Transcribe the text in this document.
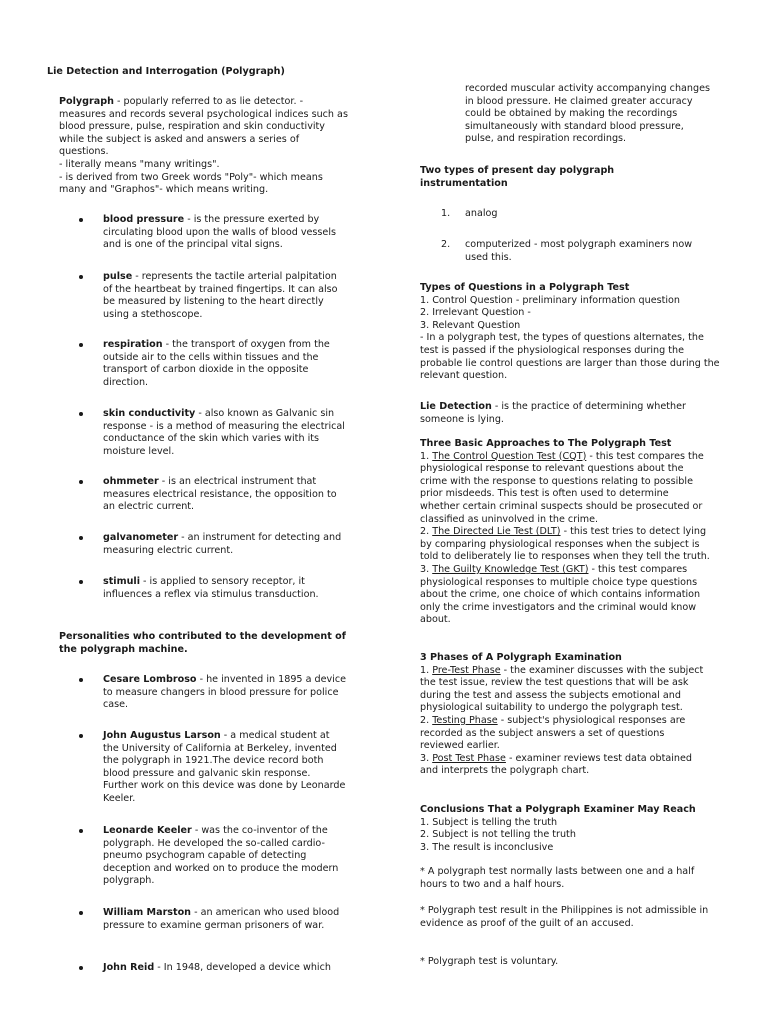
Lie Detection and Interrogation (Polygraph)
Polygraph - popularly referred to as lie detector. - measures and records several psychological indices such as blood pressure, pulse, respiration and skin conductivity while the subject is asked and answers a series of questions.
- literally means "many writings".
- is derived from two Greek words "Poly"- which means many and "Graphos"- which means writing.
blood pressure - is the pressure exerted by circulating blood upon the walls of blood vessels and is one of the principal vital signs.
pulse - represents the tactile arterial palpitation of the heartbeat by trained fingertips. It can also be measured by listening to the heart directly using a stethoscope.
respiration - the transport of oxygen from the outside air to the cells within tissues and the transport of carbon dioxide in the opposite direction.
skin conductivity - also known as Galvanic sin response - is a method of measuring the electrical conductance of the skin which varies with its moisture level.
ohmmeter - is an electrical instrument that measures electrical resistance, the opposition to an electric current.
galvanometer - an instrument for detecting and measuring electric current.
stimuli - is applied to sensory receptor, it influences a reflex via stimulus transduction.
Personalities who contributed to the development of the polygraph machine.
Cesare Lombroso - he invented in 1895 a device to measure changers in blood pressure for police case.
John Augustus Larson - a medical student at the University of California at Berkeley, invented the polygraph in 1921.The device record both blood pressure and galvanic skin response. Further work on this device was done by Leonarde Keeler.
Leonarde Keeler - was the co-inventor of the polygraph. He developed the so-called cardio-pneumo psychogram capable of detecting deception and worked on to produce the modern polygraph.
William Marston - an american who used blood pressure to examine german prisoners of war.
John Reid - In 1948, developed a device which
recorded muscular activity accompanying changes in blood pressure. He claimed greater accuracy could be obtained by making the recordings simultaneously with standard blood pressure, pulse, and respiration recordings.
Two types of present day polygraph instrumentation
1. analog
2. computerized - most polygraph examiners now used this.
Types of Questions in a Polygraph Test
1. Control Question - preliminary information question
2. Irrelevant Question -
3. Relevant Question
- In a polygraph test, the types of questions alternates, the test is passed if the physiological responses during the probable lie control questions are larger than those during the relevant question.
Lie Detection - is the practice of determining whether someone is lying.
Three Basic Approaches to The Polygraph Test
1. The Control Question Test (CQT) - this test compares the physiological response to relevant questions about the crime with the response to questions relating to possible prior misdeeds. This test is often used to determine whether certain criminal suspects should be prosecuted or classified as uninvolved in the crime.
2. The Directed Lie Test (DLT) - this test tries to detect lying by comparing physiological responses when the subject is told to deliberately lie to responses when they tell the truth.
3. The Guilty Knowledge Test (GKT) - this test compares physiological responses to multiple choice type questions about the crime, one choice of which contains information only the crime investigators and the criminal would know about.
3 Phases of A Polygraph Examination
1. Pre-Test Phase - the examiner discusses with the subject the test issue, review the test questions that will be ask during the test and assess the subjects emotional and physiological suitability to undergo the polygraph test.
2. Testing Phase - subject's physiological responses are recorded as the subject answers a set of questions reviewed earlier.
3. Post Test Phase - examiner reviews test data obtained and interprets the polygraph chart.
Conclusions That a Polygraph Examiner May Reach
1. Subject is telling the truth
2. Subject is not telling the truth
3. The result is inconclusive
* A polygraph test normally lasts between one and a half hours to two and a half hours.
* Polygraph test result in the Philippines is not admissible in evidence as proof of the guilt of an accused.
* Polygraph test is voluntary.
